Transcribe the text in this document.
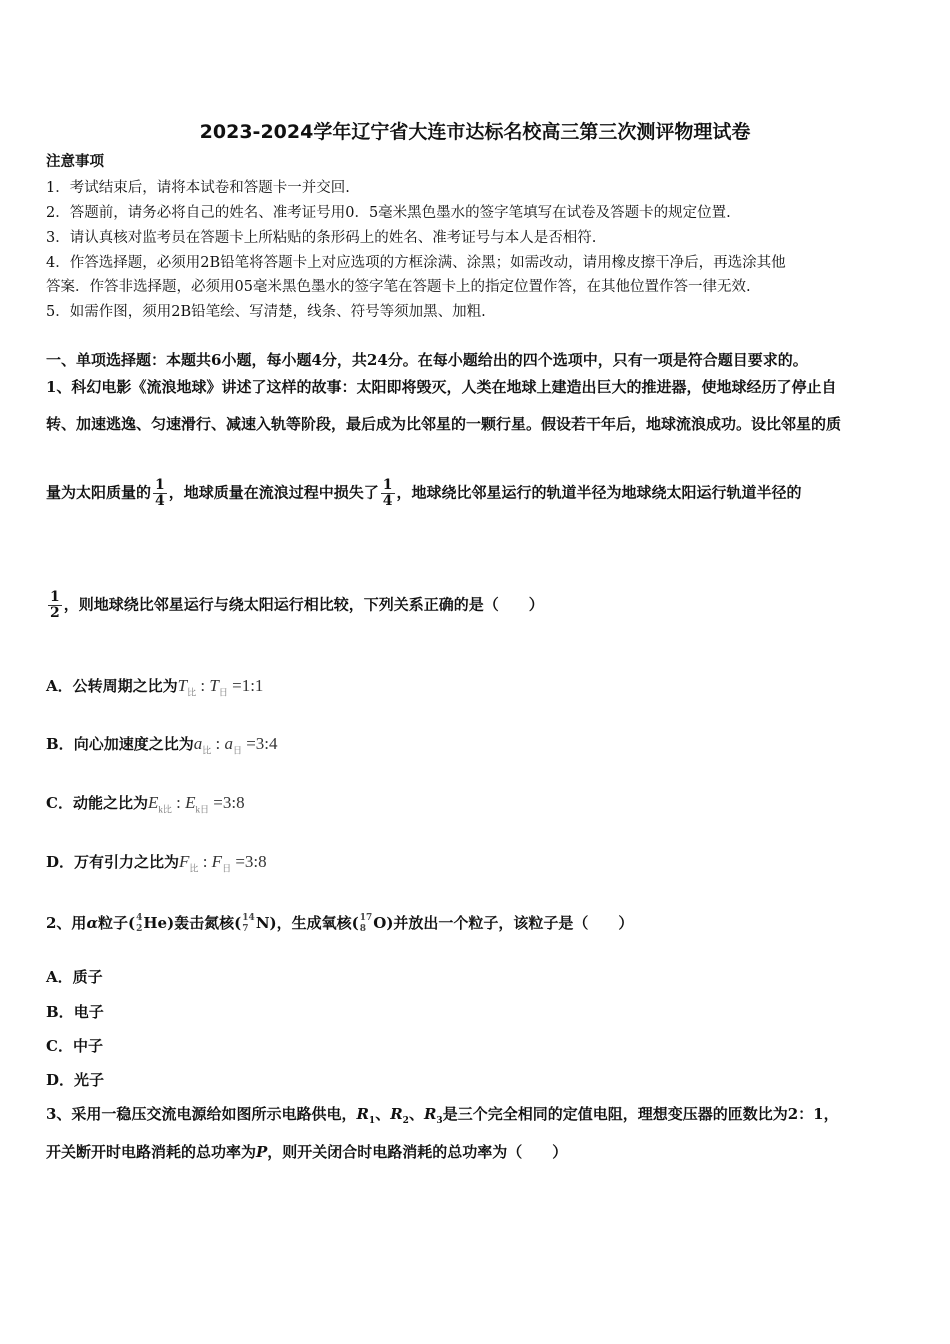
2023-2024学年辽宁省大连市达标名校高三第三次测评物理试卷
注意事项
1．考试结束后，请将本试卷和答题卡一并交回.
2．答题前，请务必将自己的姓名、准考证号用0．5毫米黑色墨水的签字笔填写在试卷及答题卡的规定位置.
3．请认真核对监考员在答题卡上所粘贴的条形码上的姓名、准考证号与本人是否相符.
4．作答选择题，必须用2B铅笔将答题卡上对应选项的方框涂满、涂黑；如需改动，请用橡皮擦干净后，再选涂其他
答案．作答非选择题，必须用05毫米黑色墨水的签字笔在答题卡上的指定位置作答，在其他位置作答一律无效.
5．如需作图，须用2B铅笔绘、写清楚，线条、符号等须加黑、加粗.
一、单项选择题：本题共6小题，每小题4分，共24分。在每小题给出的四个选项中，只有一项是符合题目要求的。
1、科幻电影《流浪地球》讲述了这样的故事：太阳即将毁灭，人类在地球上建造出巨大的推进器，使地球经历了停止自
转、加速逃逸、匀速滑行、减速入轨等阶段，最后成为比邻星的一颗行星。假设若干年后，地球流浪成功。设比邻星的质
量为太阳质量的 $\frac{1}{4}$ ，地球质量在流浪过程中损失了 $\frac{1}{4}$ ，地球绕比邻星运行的轨道半径为地球绕太阳运行轨道半径的
$\frac{1}{2}$ ，则地球绕比邻星运行与绕太阳运行相比较，下列关系正确的是（　　）
A．公转周期之比为$T_比$ : $T_日$ =1:1
B．向心加速度之比为$a_比$ : $a_日$ =3:4
C．动能之比为$E_{k比}$ : $E_{k日}$ =3:8
D．万有引力之比为$F_比$ : $F_日$ =3:8
2、用α粒子( 4
2 He)轰击氮核( 14
7 N)，生成氧核( 17
8 O)并放出一个粒子，该粒子是（　　）
A．质子
B．电子
C．中子
D．光子
3、采用一稳压交流电源给如图所示电路供电，$R_1$、$R_2$、$R_3$是三个完全相同的定值电阻，理想变压器的匝数比为2：1，
开关断开时电路消耗的总功率为P，则开关闭合时电路消耗的总功率为（　　）
